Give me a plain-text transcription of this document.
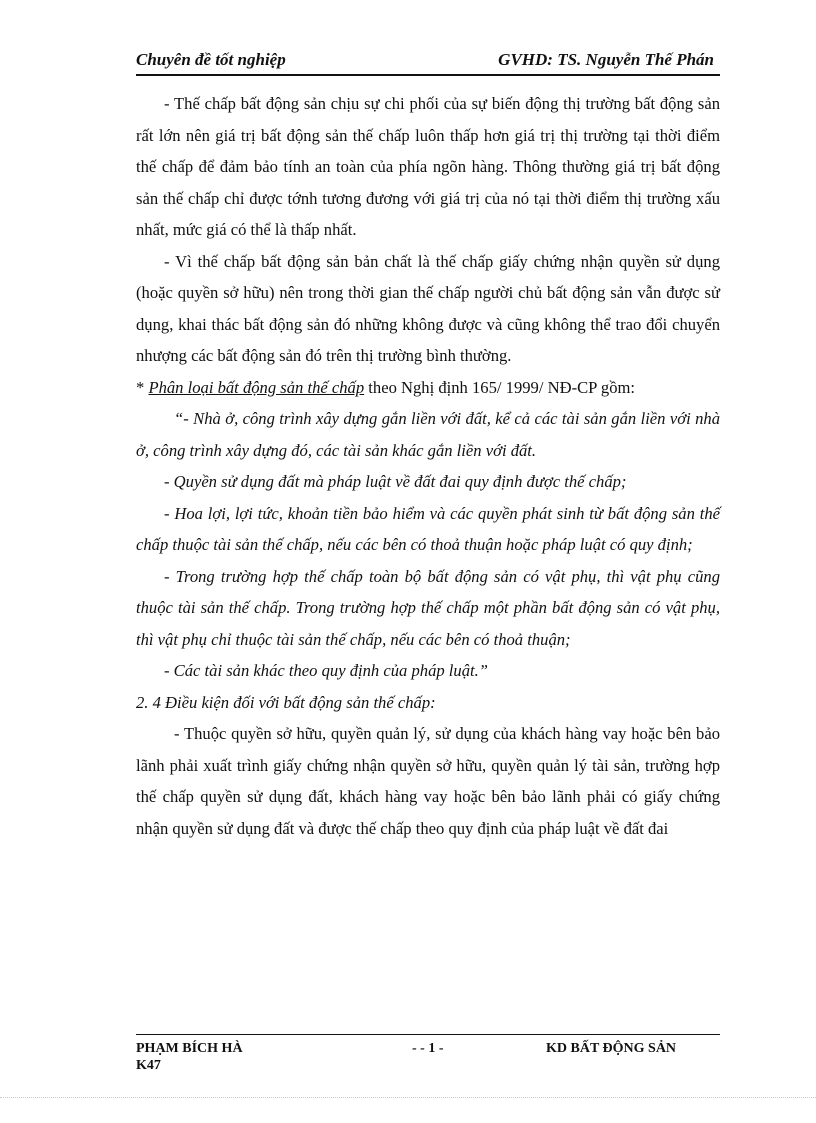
Chuyên đề tốt nghiệp	GVHD: TS. Nguyễn Thế Phán

- Thế chấp bất động sản chịu sự chi phối của sự biến động thị trường bất động sản rất lớn nên giá trị bất động sản thế chấp luôn thấp hơn giá trị thị trường tại thời điểm thế chấp để đảm bảo tính an toàn của phía ngõn hàng. Thông thường giá trị bất động sản thế chấp chỉ được tớnh tương đương với giá trị của nó tại thời điểm thị trường xấu nhất, mức giá có thể là thấp nhất.

- Vì thế chấp bất động sản bản chất là thế chấp giấy chứng nhận quyền sử dụng (hoặc quyền sở hữu) nên trong thời gian thế chấp người chủ bất động sản vẫn được sử dụng, khai thác bất động sản đó những không được và cũng không thể trao đổi chuyển nhượng các bất động sản đó trên thị trường bình thường.

* Phân loại bất động sản thế chấp theo Nghị định 165/ 1999/ NĐ-CP gồm:

“- Nhà ở, công trình xây dựng gắn liền với đất, kể cả các tài sản gắn liền với nhà ở, công trình xây dựng đó, các tài sản khác gắn liền với đất.

- Quyền sử dụng đất mà pháp luật về đất đai quy định được thế chấp;

- Hoa lợi, lợi tức, khoản tiền bảo hiểm và các quyền phát sinh từ bất động sản thế chấp thuộc tài sản thế chấp, nếu các bên có thoả thuận hoặc pháp luật có quy định;

- Trong trường hợp thế chấp toàn bộ bất động sản có vật phụ, thì vật phụ cũng thuộc tài sản thế chấp. Trong trường hợp thế chấp một phần bất động sản có vật phụ, thì vật phụ chỉ thuộc tài sản thế chấp, nếu các bên có thoả thuận;

- Các tài sản khác theo quy định của pháp luật.”

2. 4 Điều kiện đối với bất động sản thế chấp:

- Thuộc quyền sở hữu, quyền quản lý, sử dụng của khách hàng vay hoặc bên bảo lãnh phải xuất trình giấy chứng nhận quyền sở hữu, quyền quản lý tài sản, trường hợp thế chấp quyền sử dụng đất, khách hàng vay hoặc bên bảo lãnh phải có giấy chứng nhận quyền sử dụng đất và được thế chấp theo quy định của pháp luật về đất đai

PHẠM BÍCH HÀ
K47
- - 1 -	KD BẤT ĐỘNG SẢN
